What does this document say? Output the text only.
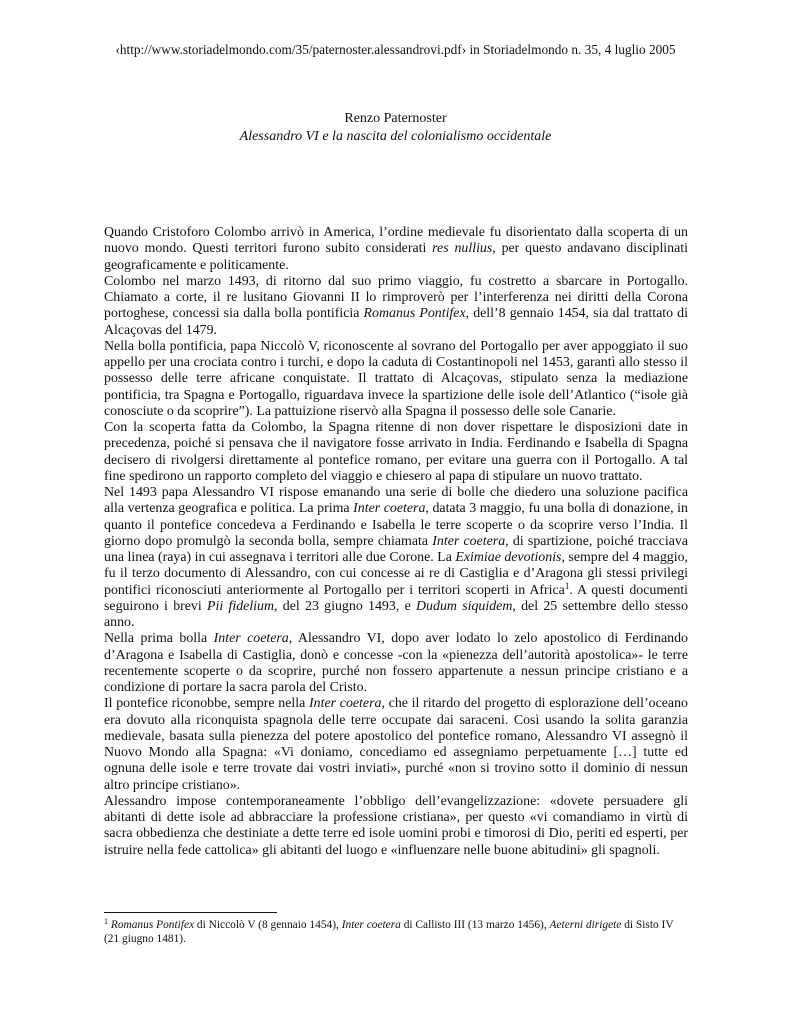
‹http://www.storiadelmondo.com/35/paternoster.alessandrovi.pdf› in Storiadelmondo n. 35, 4 luglio 2005
Renzo Paternoster
Alessandro VI e la nascita del colonialismo occidentale

Quando Cristoforo Colombo arrivò in America, l’ordine medievale fu disorientato dalla scoperta di un nuovo mondo. Questi territori furono subito considerati res nullius, per questo andavano disciplinati geograficamente e politicamente.

Colombo nel marzo 1493, di ritorno dal suo primo viaggio, fu costretto a sbarcare in Portogallo. Chiamato a corte, il re lusitano Giovanni II lo rimproverò per l’interferenza nei diritti della Corona portoghese, concessi sia dalla bolla pontificia Romanus Pontifex, dell’8 gennaio 1454, sia dal trattato di Alcaçovas del 1479.

Nella bolla pontificia, papa Niccolò V, riconoscente al sovrano del Portogallo per aver appoggiato il suo appello per una crociata contro i turchi, e dopo la caduta di Costantinopoli nel 1453, garantì allo stesso il possesso delle terre africane conquistate. Il trattato di Alcaçovas, stipulato senza la mediazione pontificia, tra Spagna e Portogallo, riguardava invece la spartizione delle isole dell’Atlantico (“isole già conosciute o da scoprire”). La pattuizione riservò alla Spagna il possesso delle sole Canarie.

Con la scoperta fatta da Colombo, la Spagna ritenne di non dover rispettare le disposizioni date in precedenza, poiché si pensava che il navigatore fosse arrivato in India. Ferdinando e Isabella di Spagna decisero di rivolgersi direttamente al pontefice romano, per evitare una guerra con il Portogallo. A tal fine spedirono un rapporto completo del viaggio e chiesero al papa di stipulare un nuovo trattato.

Nel 1493 papa Alessandro VI rispose emanando una serie di bolle che diedero una soluzione pacifica alla vertenza geografica e politica. La prima Inter coetera, datata 3 maggio, fu una bolla di donazione, in quanto il pontefice concedeva a Ferdinando e Isabella le terre scoperte o da scoprire verso l’India. Il giorno dopo promulgò la seconda bolla, sempre chiamata Inter coetera, di spartizione, poiché tracciava una linea (raya) in cui assegnava i territori alle due Corone. La Eximiae devotionis, sempre del 4 maggio, fu il terzo documento di Alessandro, con cui concesse ai re di Castiglia e d’Aragona gli stessi privilegi pontifici riconosciuti anteriormente al Portogallo per i territori scoperti in Africa$^1$. A questi documenti seguirono i brevi Pii fidelium, del 23 giugno 1493, e Dudum siquidem, del 25 settembre dello stesso anno.

Nella prima bolla Inter coetera, Alessandro VI, dopo aver lodato lo zelo apostolico di Ferdinando d’Aragona e Isabella di Castiglia, donò e concesse -con la «pienezza dell’autorità apostolica»- le terre recentemente scoperte o da scoprire, purché non fossero appartenute a nessun principe cristiano e a condizione di portare la sacra parola del Cristo.

Il pontefice riconobbe, sempre nella Inter coetera, che il ritardo del progetto di esplorazione dell’oceano era dovuto alla riconquista spagnola delle terre occupate dai saraceni. Così usando la solita garanzia medievale, basata sulla pienezza del potere apostolico del pontefice romano, Alessandro VI assegnò il Nuovo Mondo alla Spagna: «Vi doniamo, concediamo ed assegniamo perpetuamente […] tutte ed ognuna delle isole e terre trovate dai vostri inviati», purché «non si trovino sotto il dominio di nessun altro principe cristiano».

Alessandro impose contemporaneamente l’obbligo dell’evangelizzazione: «dovete persuadere gli abitanti di dette isole ad abbracciare la professione cristiana», per questo «vi comandiamo in virtù di sacra obbedienza che destiniate a dette terre ed isole uomini probi e timorosi di Dio, periti ed esperti, per istruire nella fede cattolica» gli abitanti del luogo e «influenzare nelle buone abitudini» gli spagnoli.

$^1$ Romanus Pontifex di Niccolò V (8 gennaio 1454), Inter coetera di Callisto III (13 marzo 1456), Aeterni dirigete di Sisto IV (21 giugno 1481).
